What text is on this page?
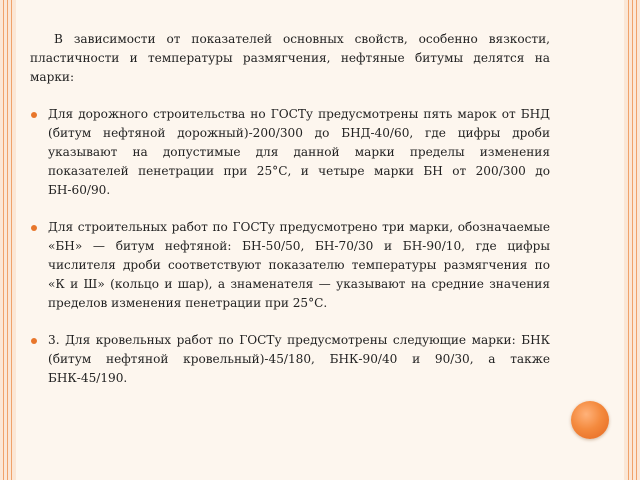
В зависимости от показателей основных свойств, особенно вязкости, пластичности и температуры размягчения, нефтяные битумы делятся на марки:

Для дорожного строительства но ГОСТу предусмотрены пять марок от БНД (битум нефтяной дорожный)-200/300 до БНД-40/60, где цифры дроби указывают на допустимые для данной марки пределы изменения показателей пенетрации при 25°С, и четыре марки БН от 200/300 до БН-60/90.
Для строительных работ по ГОСТу предусмотрено три марки, обозначаемые «БН» — битум нефтяной: БН-50/50, БН-70/30 и БН-90/10, где цифры числителя дроби соответствуют показателю температуры размягчения по «К и Ш» (кольцо и шар), а знаменателя — указывают на средние значения пределов изменения пенетрации при 25°С.
3. Для кровельных работ по ГОСТу предусмотрены следующие марки: БНК (битум нефтяной кровельный)-45/180, БНК-90/40 и 90/30, а также БНК-45/190.
